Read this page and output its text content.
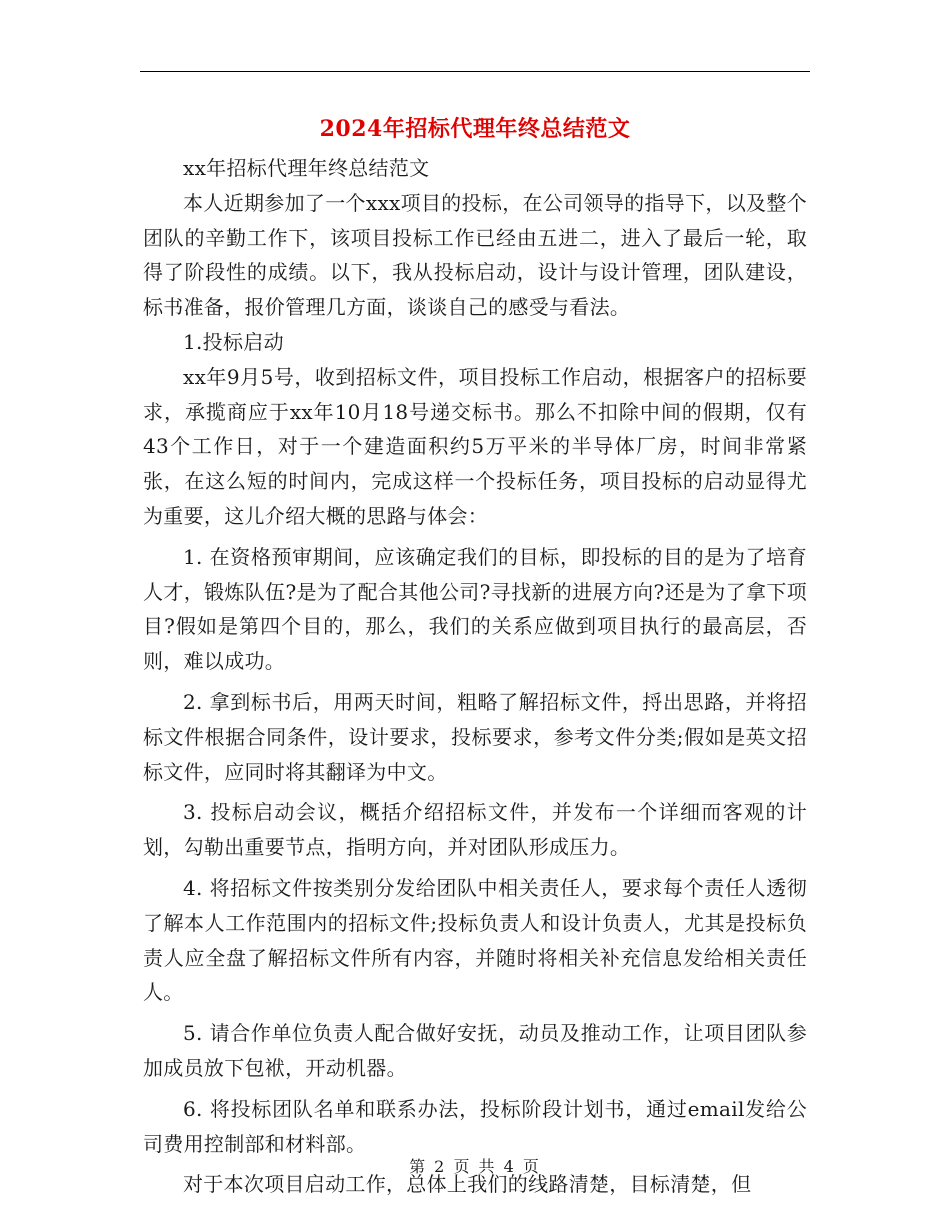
2024年招标代理年终总结范文

xx年招标代理年终总结范文

本人近期参加了一个xxx项目的投标，在公司领导的指导下，以及整个团队的辛勤工作下，该项目投标工作已经由五进二，进入了最后一轮，取得了阶段性的成绩。以下，我从投标启动，设计与设计管理，团队建设，标书准备，报价管理几方面，谈谈自己的感受与看法。

1.投标启动

xx年9月5号，收到招标文件，项目投标工作启动，根据客户的招标要求，承揽商应于xx年10月18号递交标书。那么不扣除中间的假期，仅有43个工作日，对于一个建造面积约5万平米的半导体厂房，时间非常紧张，在这么短的时间内，完成这样一个投标任务，项目投标的启动显得尤为重要，这儿介绍大概的思路与体会：

1. 在资格预审期间，应该确定我们的目标，即投标的目的是为了培育人才，锻炼队伍?是为了配合其他公司?寻找新的进展方向?还是为了拿下项目?假如是第四个目的，那么，我们的关系应做到项目执行的最高层，否则，难以成功。

2. 拿到标书后，用两天时间，粗略了解招标文件，捋出思路，并将招标文件根据合同条件，设计要求，投标要求，参考文件分类;假如是英文招标文件，应同时将其翻译为中文。

3. 投标启动会议，概括介绍招标文件，并发布一个详细而客观的计划，勾勒出重要节点，指明方向，并对团队形成压力。

4. 将招标文件按类别分发给团队中相关责任人，要求每个责任人透彻了解本人工作范围内的招标文件;投标负责人和设计负责人，尤其是投标负责人应全盘了解招标文件所有内容，并随时将相关补充信息发给相关责任人。

5. 请合作单位负责人配合做好安抚，动员及推动工作，让项目团队参加成员放下包袱，开动机器。

6. 将投标团队名单和联系办法，投标阶段计划书，通过email发给公司费用控制部和材料部。

对于本次项目启动工作，总体上我们的线路清楚，目标清楚，但

第 2 页 共 4 页
